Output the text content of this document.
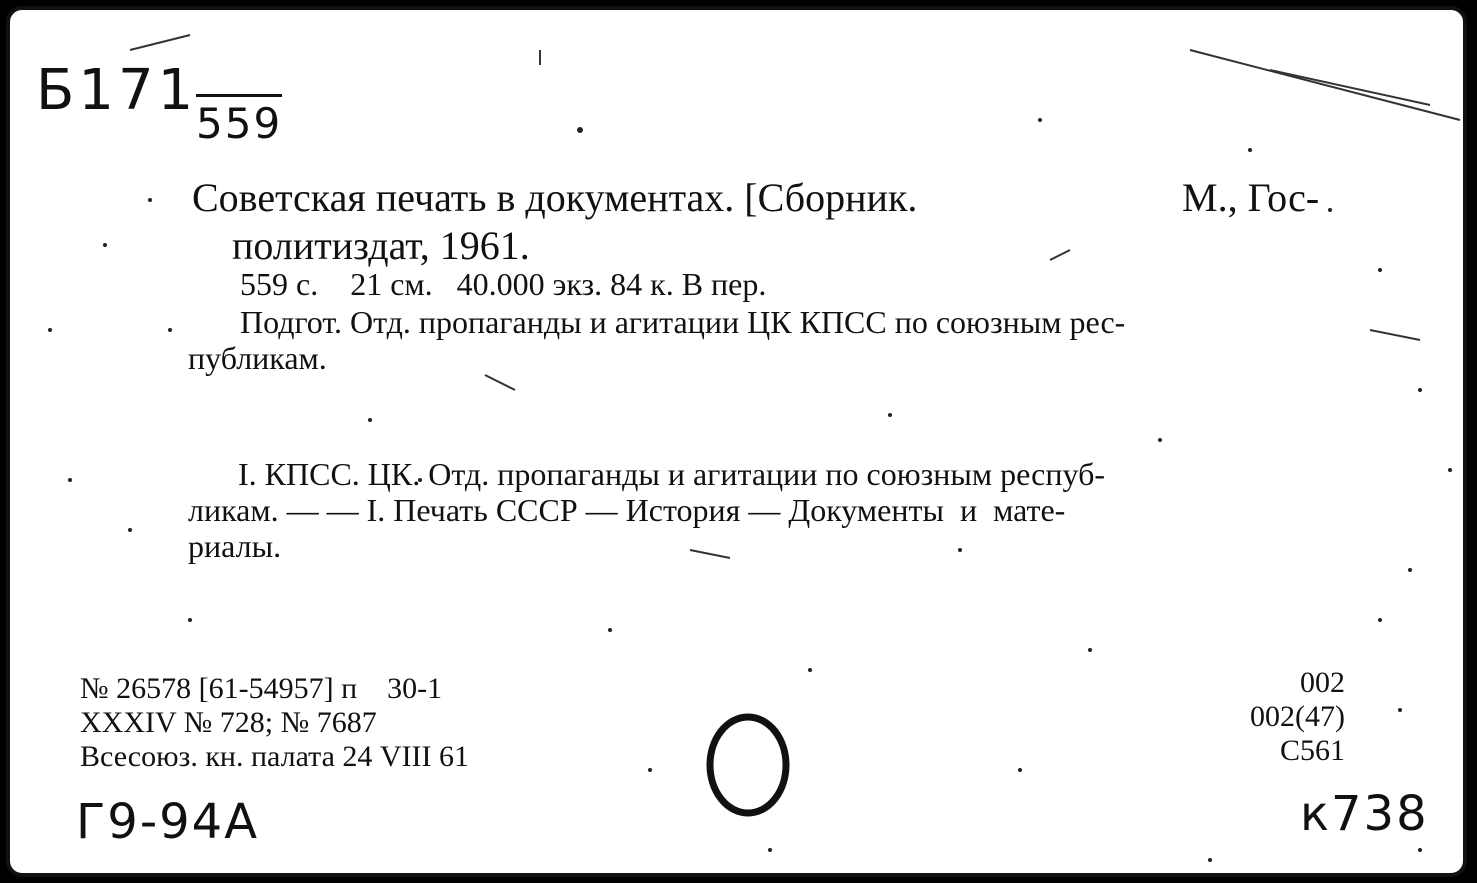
Б171
559
Советская печать в документах. [Сборник.	М., Гос-
политиздат, 1961.
559 с.    21 см.   40.000 экз. 84 к. В пер.
Подгот. Отд. пропаганды и агитации ЦК КПСС по союзным рес-
публикам.
I. КПСС. ЦК. Отд. пропаганды и агитации по союзным респуб-
ликам. — — I. Печать СССР — История — Документы  и  мате-
риалы.
№ 26578 [61-54957] п    30-1
XXXIV № 728; № 7687
Всесоюз. кн. палата 24 VIII 61
002
002(47)
С561
Г9-94А	к738
